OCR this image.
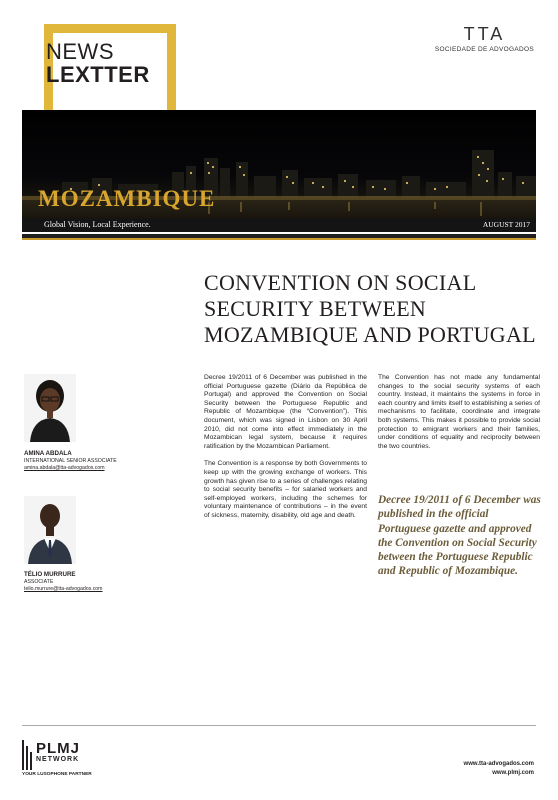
NEWS
LEXTTER
TTA
SOCIEDADE DE ADVOGADOS
MOZAMBIQUE
Global Vision, Local Experience.	AUGUST 2017
CONVENTION ON SOCIAL
SECURITY BETWEEN
MOZAMBIQUE AND PORTUGAL
AMINA ABDALA
INTERNATIONAL SENIOR ASSOCIATE
amina.abdala@tta-advogados.com
TÉLIO MURRURE
ASSOCIATE
telio.murrure@tta-advogados.com

Decree 19/2011 of 6 December was published in the official Portuguese gazette (Diário da República de Portugal) and approved the Convention on Social Security between the Portuguese Republic and Republic of Mozambique (the “Convention”). This document, which was signed in Lisbon on 30 April 2010, did not come into effect immediately in the Mozambican legal system, because it requires ratification by the Mozambican Parliament.

The Convention is a response by both Governments to keep up with the growing exchange of workers. This growth has given rise to a series of challenges relating to social security benefits – for salaried workers and self-employed workers, including the schemes for voluntary maintenance of contributions – in the event of sickness, maternity, disability, old age and death.

The Convention has not made any fundamental changes to the social security systems of each country. Instead, it maintains the systems in force in each country and limits itself to establishing a series of mechanisms to facilitate, coordinate and integrate both systems. This makes it possible to provide social protection to emigrant workers and their families, under conditions of equality and reciprocity between the two countries.

Decree 19/2011 of 6 December was published in the official Portuguese gazette and approved the Convention on Social Security between the Portuguese Republic and Republic of Mozambique.
PLMJ
NETWORK
YOUR LUSOPHONE PARTNER
www.tta-advogados.com
www.plmj.com
